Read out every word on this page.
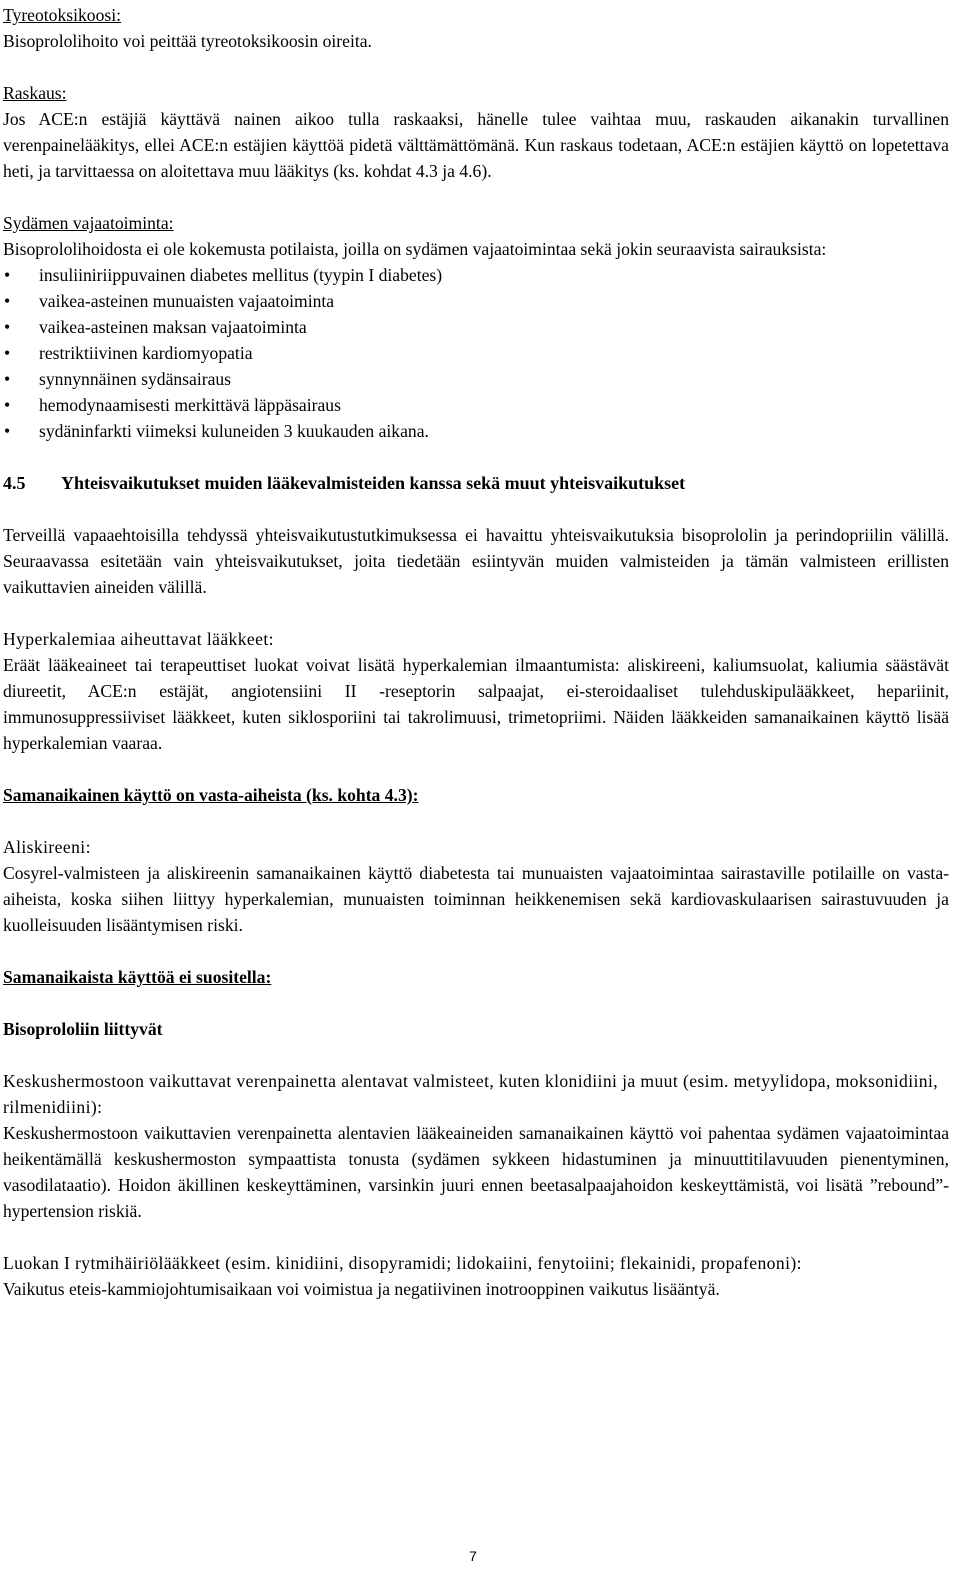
Tyreotoksikoosi:

Bisoprololihoito voi peittää tyreotoksikoosin oireita.

Raskaus:

Jos ACE:n estäjiä käyttävä nainen aikoo tulla raskaaksi, hänelle tulee vaihtaa muu, raskauden aikanakin turvallinen verenpainelääkitys, ellei ACE:n estäjien käyttöä pidetä välttämättömänä. Kun raskaus todetaan, ACE:n estäjien käyttö on lopetettava heti, ja tarvittaessa on aloitettava muu lääkitys (ks. kohdat 4.3 ja 4.6).

Sydämen vajaatoiminta:

Bisoprololihoidosta ei ole kokemusta potilaista, joilla on sydämen vajaatoimintaa sekä jokin seuraavista sairauksista:

• insuliiniriippuvainen diabetes mellitus (tyypin I diabetes)
• vaikea-asteinen munuaisten vajaatoiminta
• vaikea-asteinen maksan vajaatoiminta
• restriktiivinen kardiomyopatia
• synnynnäinen sydänsairaus
• hemodynaamisesti merkittävä läppäsairaus
• sydäninfarkti viimeksi kuluneiden 3 kuukauden aikana.

4.5 Yhteisvaikutukset muiden lääkevalmisteiden kanssa sekä muut yhteisvaikutukset

Terveillä vapaaehtoisilla tehdyssä yhteisvaikutustutkimuksessa ei havaittu yhteisvaikutuksia bisoprololin ja perindopriilin välillä. Seuraavassa esitetään vain yhteisvaikutukset, joita tiedetään esiintyvän muiden valmisteiden ja tämän valmisteen erillisten vaikuttavien aineiden välillä.

Hyperkalemiaa aiheuttavat lääkkeet:

Eräät lääkeaineet tai terapeuttiset luokat voivat lisätä hyperkalemian ilmaantumista: aliskireeni, kaliumsuolat, kaliumia säästävät diureetit, ACE:n estäjät, angiotensiini II -reseptorin salpaajat, ei-steroidaaliset tulehduskipulääkkeet, hepariinit, immunosuppressiiviset lääkkeet, kuten siklosporiini tai takrolimuusi, trimetopriimi. Näiden lääkkeiden samanaikainen käyttö lisää hyperkalemian vaaraa.

Samanaikainen käyttö on vasta-aiheista (ks. kohta 4.3):

Aliskireeni:

Cosyrel-valmisteen ja aliskireenin samanaikainen käyttö diabetesta tai munuaisten vajaatoimintaa sairastaville potilaille on vasta-aiheista, koska siihen liittyy hyperkalemian, munuaisten toiminnan heikkenemisen sekä kardiovaskulaarisen sairastuvuuden ja kuolleisuuden lisääntymisen riski.

Samanaikaista käyttöä ei suositella:

Bisoprololiin liittyvät

Keskushermostoon vaikuttavat verenpainetta alentavat valmisteet, kuten klonidiini ja muut (esim. metyylidopa, moksonidiini, rilmenidiini):

Keskushermostoon vaikuttavien verenpainetta alentavien lääkeaineiden samanaikainen käyttö voi pahentaa sydämen vajaatoimintaa heikentämällä keskushermoston sympaattista tonusta (sydämen sykkeen hidastuminen ja minuuttitilavuuden pienentyminen, vasodilataatio). Hoidon äkillinen keskeyttäminen, varsinkin juuri ennen beetasalpaajahoidon keskeyttämistä, voi lisätä ”rebound”-hypertension riskiä.

Luokan I rytmihäiriölääkkeet (esim. kinidiini, disopyramidi; lidokaiini, fenytoiini; flekainidi, propafenoni):

Vaikutus eteis-kammiojohtumisaikaan voi voimistua ja negatiivinen inotrooppinen vaikutus lisääntyä.

7
